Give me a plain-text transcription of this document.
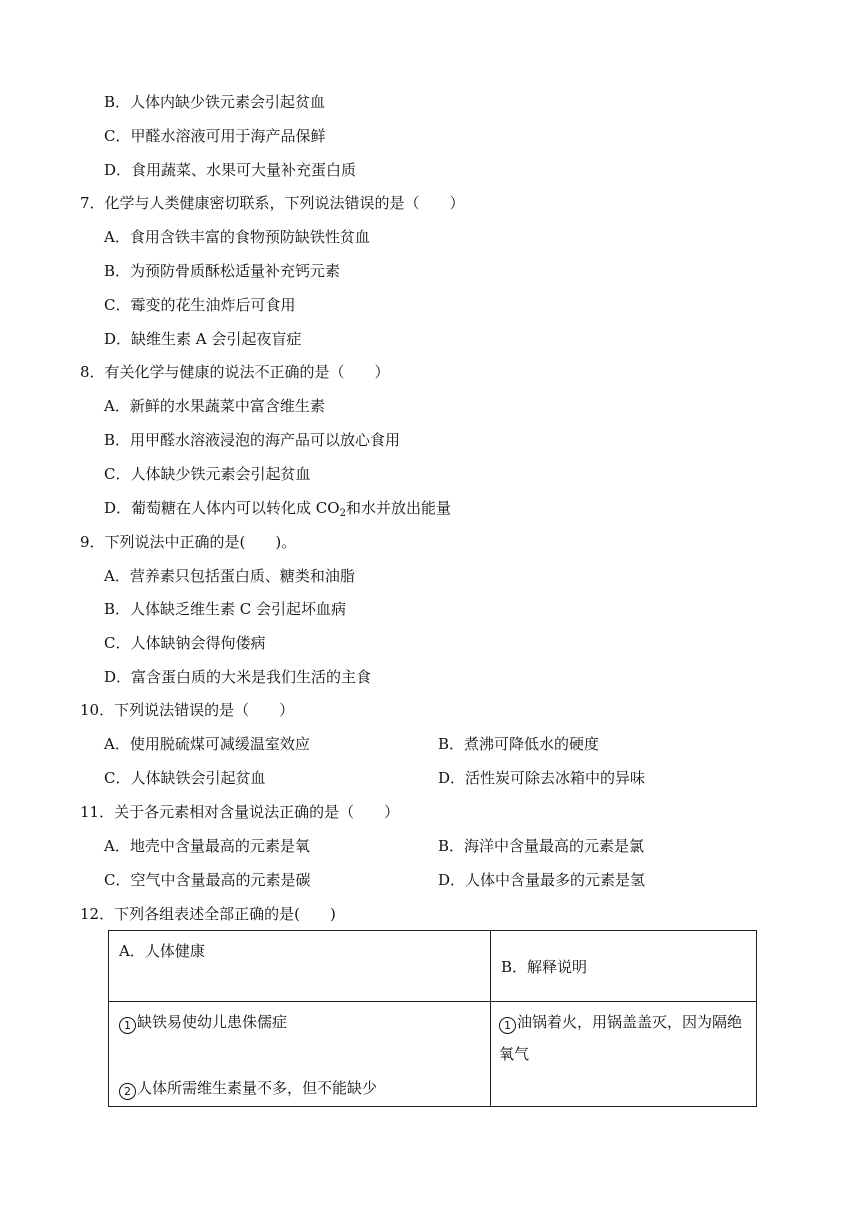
B．人体内缺少铁元素会引起贫血
C．甲醛水溶液可用于海产品保鲜
D．食用蔬菜、水果可大量补充蛋白质
7．化学与人类健康密切联系，下列说法错误的是（　　）
A．食用含铁丰富的食物预防缺铁性贫血
B．为预防骨质酥松适量补充钙元素
C．霉变的花生油炸后可食用
D．缺维生素 A 会引起夜盲症
8．有关化学与健康的说法不正确的是（　　）
A．新鲜的水果蔬菜中富含维生素
B．用甲醛水溶液浸泡的海产品可以放心食用
C．人体缺少铁元素会引起贫血
D．葡萄糖在人体内可以转化成 $CO_2$和水并放出能量
9．下列说法中正确的是(　　)。
A．营养素只包括蛋白质、糖类和油脂
B．人体缺乏维生素 C 会引起坏血病
C．人体缺钠会得佝偻病
D．富含蛋白质的大米是我们生活的主食
10．下列说法错误的是（　　）
A．使用脱硫煤可减缓温室效应	B．煮沸可降低水的硬度
C．人体缺铁会引起贫血	D．活性炭可除去冰箱中的异味
11．关于各元素相对含量说法正确的是（　　）
A．地壳中含量最高的元素是氧	B．海洋中含量最高的元素是氯
C．空气中含量最高的元素是碳	D．人体中含量最多的元素是氢
12．下列各组表述全部正确的是(　　)
A．人体健康	B．解释说明

1 缺铁易使幼儿患侏儒症
2 人体所需维生素量不多，但不能缺少	1 油锅着火，用锅盖盖灭，因为隔绝
氧气
